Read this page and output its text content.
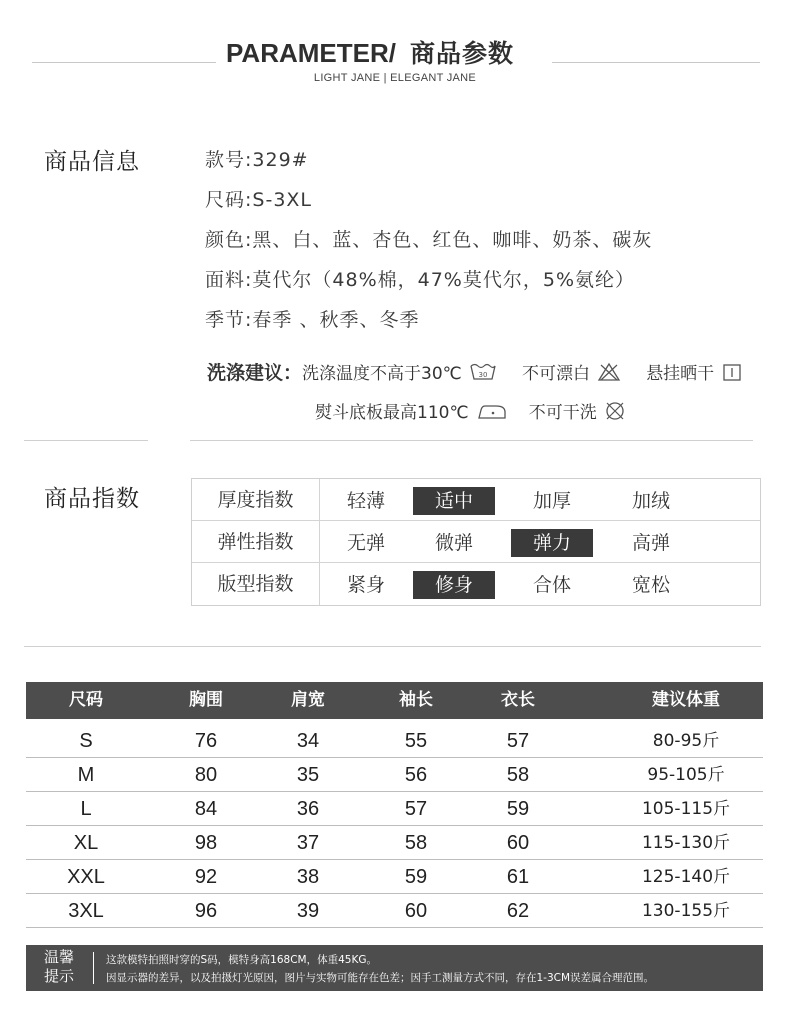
PARAMETER/ 商品参数
LIGHT JANE | ELEGANT JANE
商品信息	款号:329#
尺码:S-3XL
颜色:黑、白、蓝、杏色、红色、咖啡、奶茶、碳灰
面料:莫代尔（48%棉，47%莫代尔，5%氨纶）
季节:春季 、秋季、冬季
洗涤建议：洗涤温度不高于30℃ 30 不可漂白	悬挂晒干
熨斗底板最高110℃	不可干洗
商品指数	厚度指数	轻薄	适中	加厚	加绒
弹性指数	无弹	微弹	弹力	高弹
版型指数	紧身	修身	合体	宽松
尺码	胸围	肩宽	袖长	衣长	建议体重
S	76	34	55	57	80-95斤
M	80	35	56	58	95-105斤
L	84	36	57	59	105-115斤
XL	98	37	58	60	115-130斤
XXL	92	38	59	61	125-140斤
3XL	96	39	60	62	130-155斤
温馨
提示
这款模特拍照时穿的S码，模特身高168CM，体重45KG。
因显示器的差异，以及拍摄灯光原因，图片与实物可能存在色差；因手工测量方式不同，存在1-3CM误差属合理范围。
